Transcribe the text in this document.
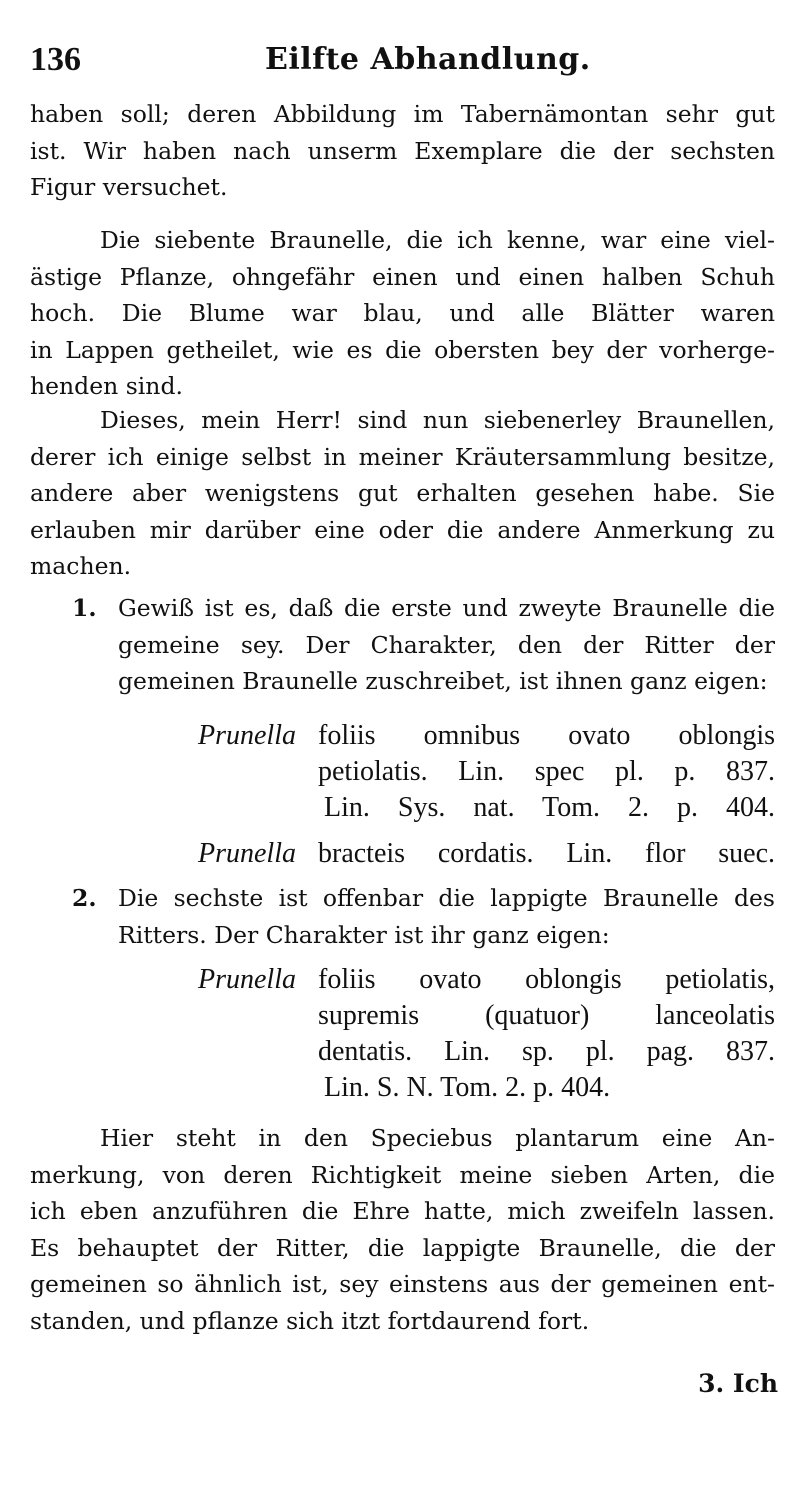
136	Eilfte Abhandlung.
haben soll; deren Abbildung im Tabernämontan sehr gut
ist. Wir haben nach unserm Exemplare die der sechsten
Figur versuchet.
Die siebente Braunelle, die ich kenne, war eine viel-
ästige Pflanze, ohngefähr einen und einen halben Schuh
hoch. Die Blume war blau, und alle Blätter waren
in Lappen getheilet, wie es die obersten bey der vorherge-
henden sind.
Dieses, mein Herr! sind nun siebenerley Braunellen,
derer ich einige selbst in meiner Kräutersammlung besitze,
andere aber wenigstens gut erhalten gesehen habe. Sie
erlauben mir darüber eine oder die andere Anmerkung zu
machen.
1. Gewiß ist es, daß die erste und zweyte Braunelle die
gemeine sey. Der Charakter, den der Ritter der
gemeinen Braunelle zuschreibet, ist ihnen ganz eigen:
Prunella foliis omnibus ovato oblongis
petiolatis. Lin. spec pl. p. 837.
Lin. Sys. nat. Tom. 2. p. 404.
Prunella bracteis cordatis. Lin. flor suec.
2. Die sechste ist offenbar die lappigte Braunelle des
Ritters. Der Charakter ist ihr ganz eigen:
Prunella foliis ovato oblongis petiolatis,
supremis (quatuor) lanceolatis
dentatis. Lin. sp. pl. pag. 837.
Lin. S. N. Tom. 2. p. 404.
Hier steht in den Speciebus plantarum eine An-
merkung, von deren Richtigkeit meine sieben Arten, die
ich eben anzuführen die Ehre hatte, mich zweifeln lassen.
Es behauptet der Ritter, die lappigte Braunelle, die der
gemeinen so ähnlich ist, sey einstens aus der gemeinen ent-
standen, und pflanze sich itzt fortdaurend fort.
3. Ich
